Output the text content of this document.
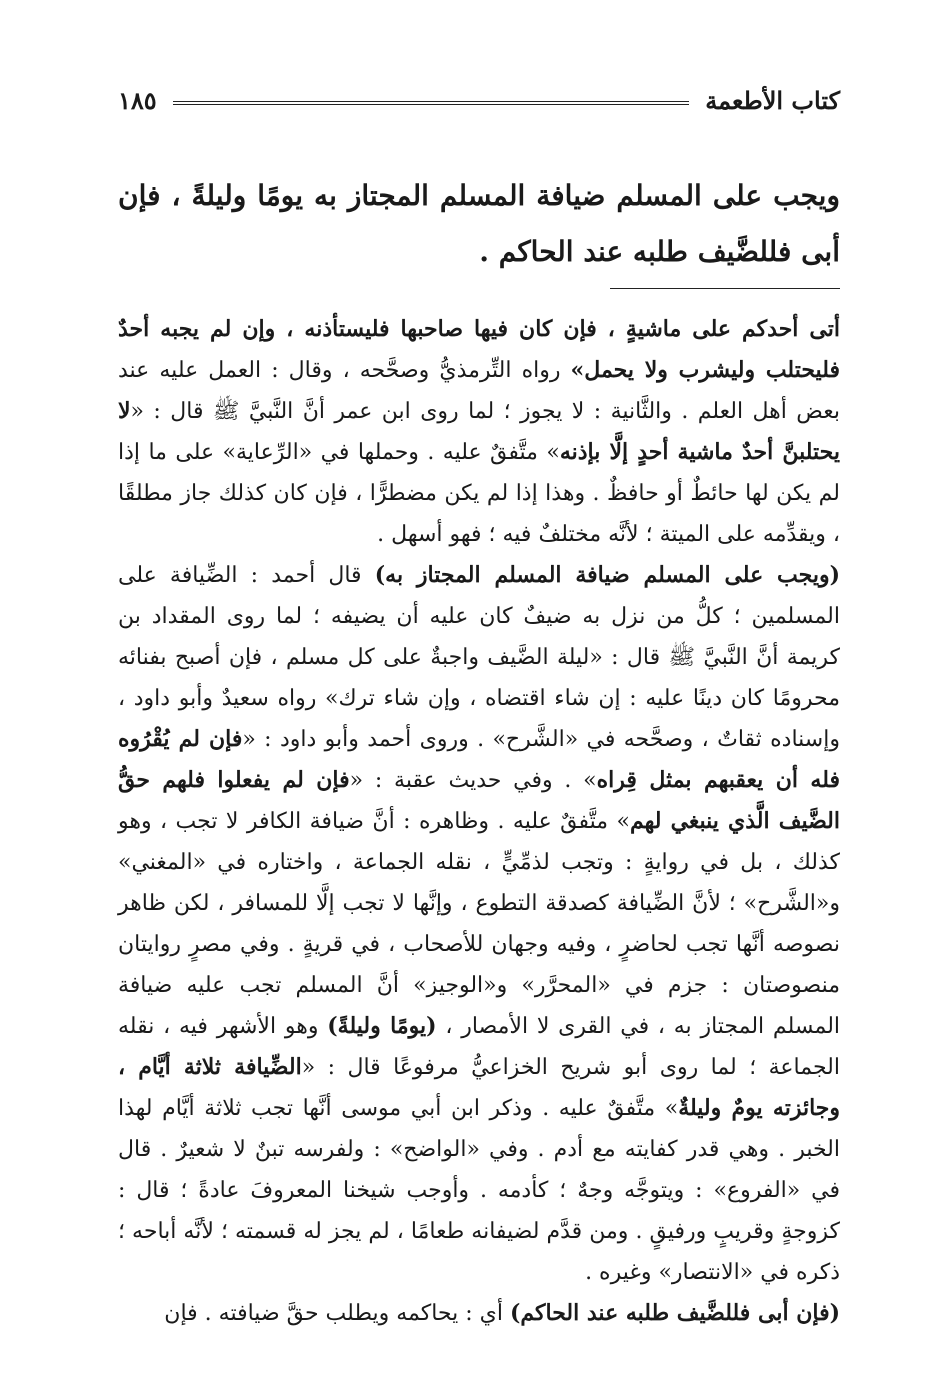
كتاب الأطعمة
١٨٥
ويجب على المسلم ضيافة المسلم المجتاز به يومًا وليلةً ، فإن أبى فللضَّيف طلبه عند الحاكم .

أتى أحدكم على ماشيةٍ ، فإن كان فيها صاحبها فليستأذنه ، وإن لم يجبه أحدٌ فليحتلب وليشرب ولا يحمل» رواه التِّرمذيُّ وصحَّحه ، وقال : العمل عليه عند بعض أهل العلم . والثَّانية : لا يجوز ؛ لما روى ابن عمر أنَّ النَّبيَّ ﷺ قال : «لا يحتلبنَّ أحدٌ ماشية أحدٍ إلَّا بإذنه» متَّفقٌ عليه . وحملها في «الرِّعاية» على ما إذا لم يكن لها حائطٌ أو حافظٌ . وهذا إذا لم يكن مضطرًّا ، فإن كان كذلك جاز مطلقًا ، ويقدِّمه على الميتة ؛ لأنَّه مختلفٌ فيه ؛ فهو أسهل .

(ويجب على المسلم ضيافة المسلم المجتاز به) قال أحمد : الضِّيافة على المسلمين ؛ كلُّ من نزل به ضيفٌ كان عليه أن يضيفه ؛ لما روى المقداد بن كريمة أنَّ النَّبيَّ ﷺ قال : «ليلة الضَّيف واجبةٌ على كل مسلم ، فإن أصبح بفنائه محرومًا كان دينًا عليه : إن شاء اقتضاه ، وإن شاء ترك» رواه سعيدٌ وأبو داود ، وإسناده ثقاتٌ ، وصحَّحه في «الشَّرح» . وروى أحمد وأبو داود : «فإن لم يُقْرُوه فله أن يعقبهم بمثل قِراه» . وفي حديث عقبة : «فإن لم يفعلوا فلهم حقُّ الضَّيف الَّذي ينبغي لهم» متَّفقٌ عليه . وظاهره : أنَّ ضيافة الكافر لا تجب ، وهو كذلك ، بل في روايةٍ : وتجب لذمِّيٍّ ، نقله الجماعة ، واختاره في «المغني» و«الشَّرح» ؛ لأنَّ الضِّيافة كصدقة التطوع ، وإنَّها لا تجب إلَّا للمسافر ، لكن ظاهر نصوصه أنَّها تجب لحاضرٍ ، وفيه وجهان للأصحاب ، في قريةٍ . وفي مصرٍ روايتان منصوصتان : جزم في «المحرَّر» و«الوجيز» أنَّ المسلم تجب عليه ضيافة المسلم المجتاز به ، في القرى لا الأمصار ، (يومًا وليلةً) وهو الأشهر فيه ، نقله الجماعة ؛ لما روى أبو شريح الخزاعيُّ مرفوعًا قال : «الضِّيافة ثلاثة أيَّام ، وجائزته يومٌ وليلةٌ» متَّفقٌ عليه . وذكر ابن أبي موسى أنَّها تجب ثلاثة أيَّام لهذا الخبر . وهي قدر كفايته مع أدم . وفي «الواضح» : ولفرسه تبنٌ لا شعيرٌ . قال في «الفروع» : ويتوجَّه وجهٌ ؛ كأدمه . وأوجب شيخنا المعروفَ عادةً ؛ قال : كزوجةٍ وقريبٍ ورفيقٍ . ومن قدَّم لضيفانه طعامًا ، لم يجز له قسمته ؛ لأنَّه أباحه ؛ ذكره في «الانتصار» وغيره .

(فإن أبى فللضَّيف طلبه عند الحاكم) أي : يحاكمه ويطلب حقَّ ضيافته . فإن
